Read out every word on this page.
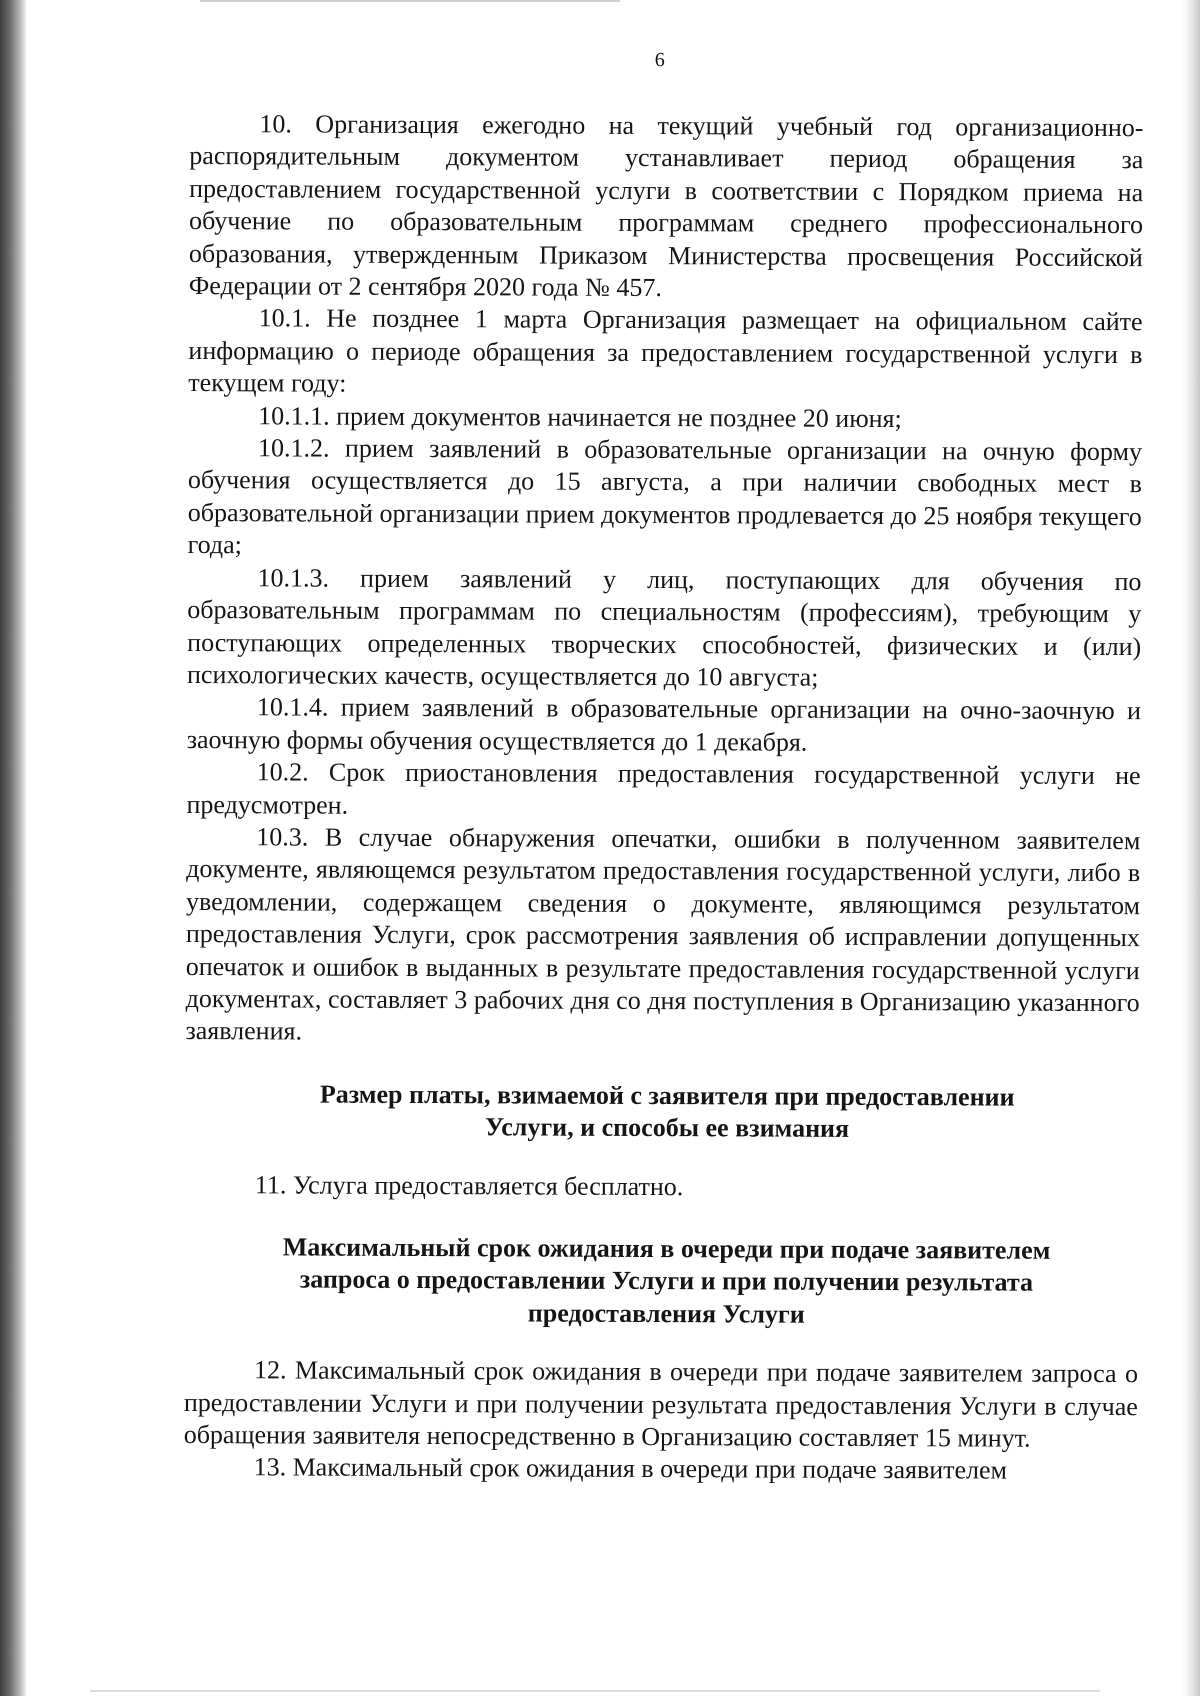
6

10. Организация ежегодно на текущий учебный год организационно-распорядительным документом устанавливает период обращения за предоставлением государственной услуги в соответствии с Порядком приема на обучение по образовательным программам среднего профессионального образования, утвержденным Приказом Министерства просвещения Российской Федерации от 2 сентября 2020 года № 457.

10.1. Не позднее 1 марта Организация размещает на официальном сайте информацию о периоде обращения за предоставлением государственной услуги в текущем году:

10.1.1. прием документов начинается не позднее 20 июня;

10.1.2. прием заявлений в образовательные организации на очную форму обучения осуществляется до 15 августа, а при наличии свободных мест в образовательной организации прием документов продлевается до 25 ноября текущего года;

10.1.3. прием заявлений у лиц, поступающих для обучения по образовательным программам по специальностям (профессиям), требующим у поступающих определенных творческих способностей, физических и (или) психологических качеств, осуществляется до 10 августа;

10.1.4. прием заявлений в образовательные организации на очно-заочную и заочную формы обучения осуществляется до 1 декабря.

10.2. Срок приостановления предоставления государственной услуги не предусмотрен.

10.3. В случае обнаружения опечатки, ошибки в полученном заявителем документе, являющемся результатом предоставления государственной услуги, либо в уведомлении, содержащем сведения о документе, являющимся результатом предоставления Услуги, срок рассмотрения заявления об исправлении допущенных опечаток и ошибок в выданных в результате предоставления государственной услуги документах, составляет 3 рабочих дня со дня поступления в Организацию указанного заявления.

Размер платы, взимаемой с заявителя при предоставлении

Услуги, и способы ее взимания

11. Услуга предоставляется бесплатно.

Максимальный срок ожидания в очереди при подаче заявителем

запроса о предоставлении Услуги и при получении результата

предоставления Услуги

12. Максимальный срок ожидания в очереди при подаче заявителем запроса о предоставлении Услуги и при получении результата предоставления Услуги в случае обращения заявителя непосредственно в Организацию составляет 15 минут.

13. Максимальный срок ожидания в очереди при подаче заявителем
